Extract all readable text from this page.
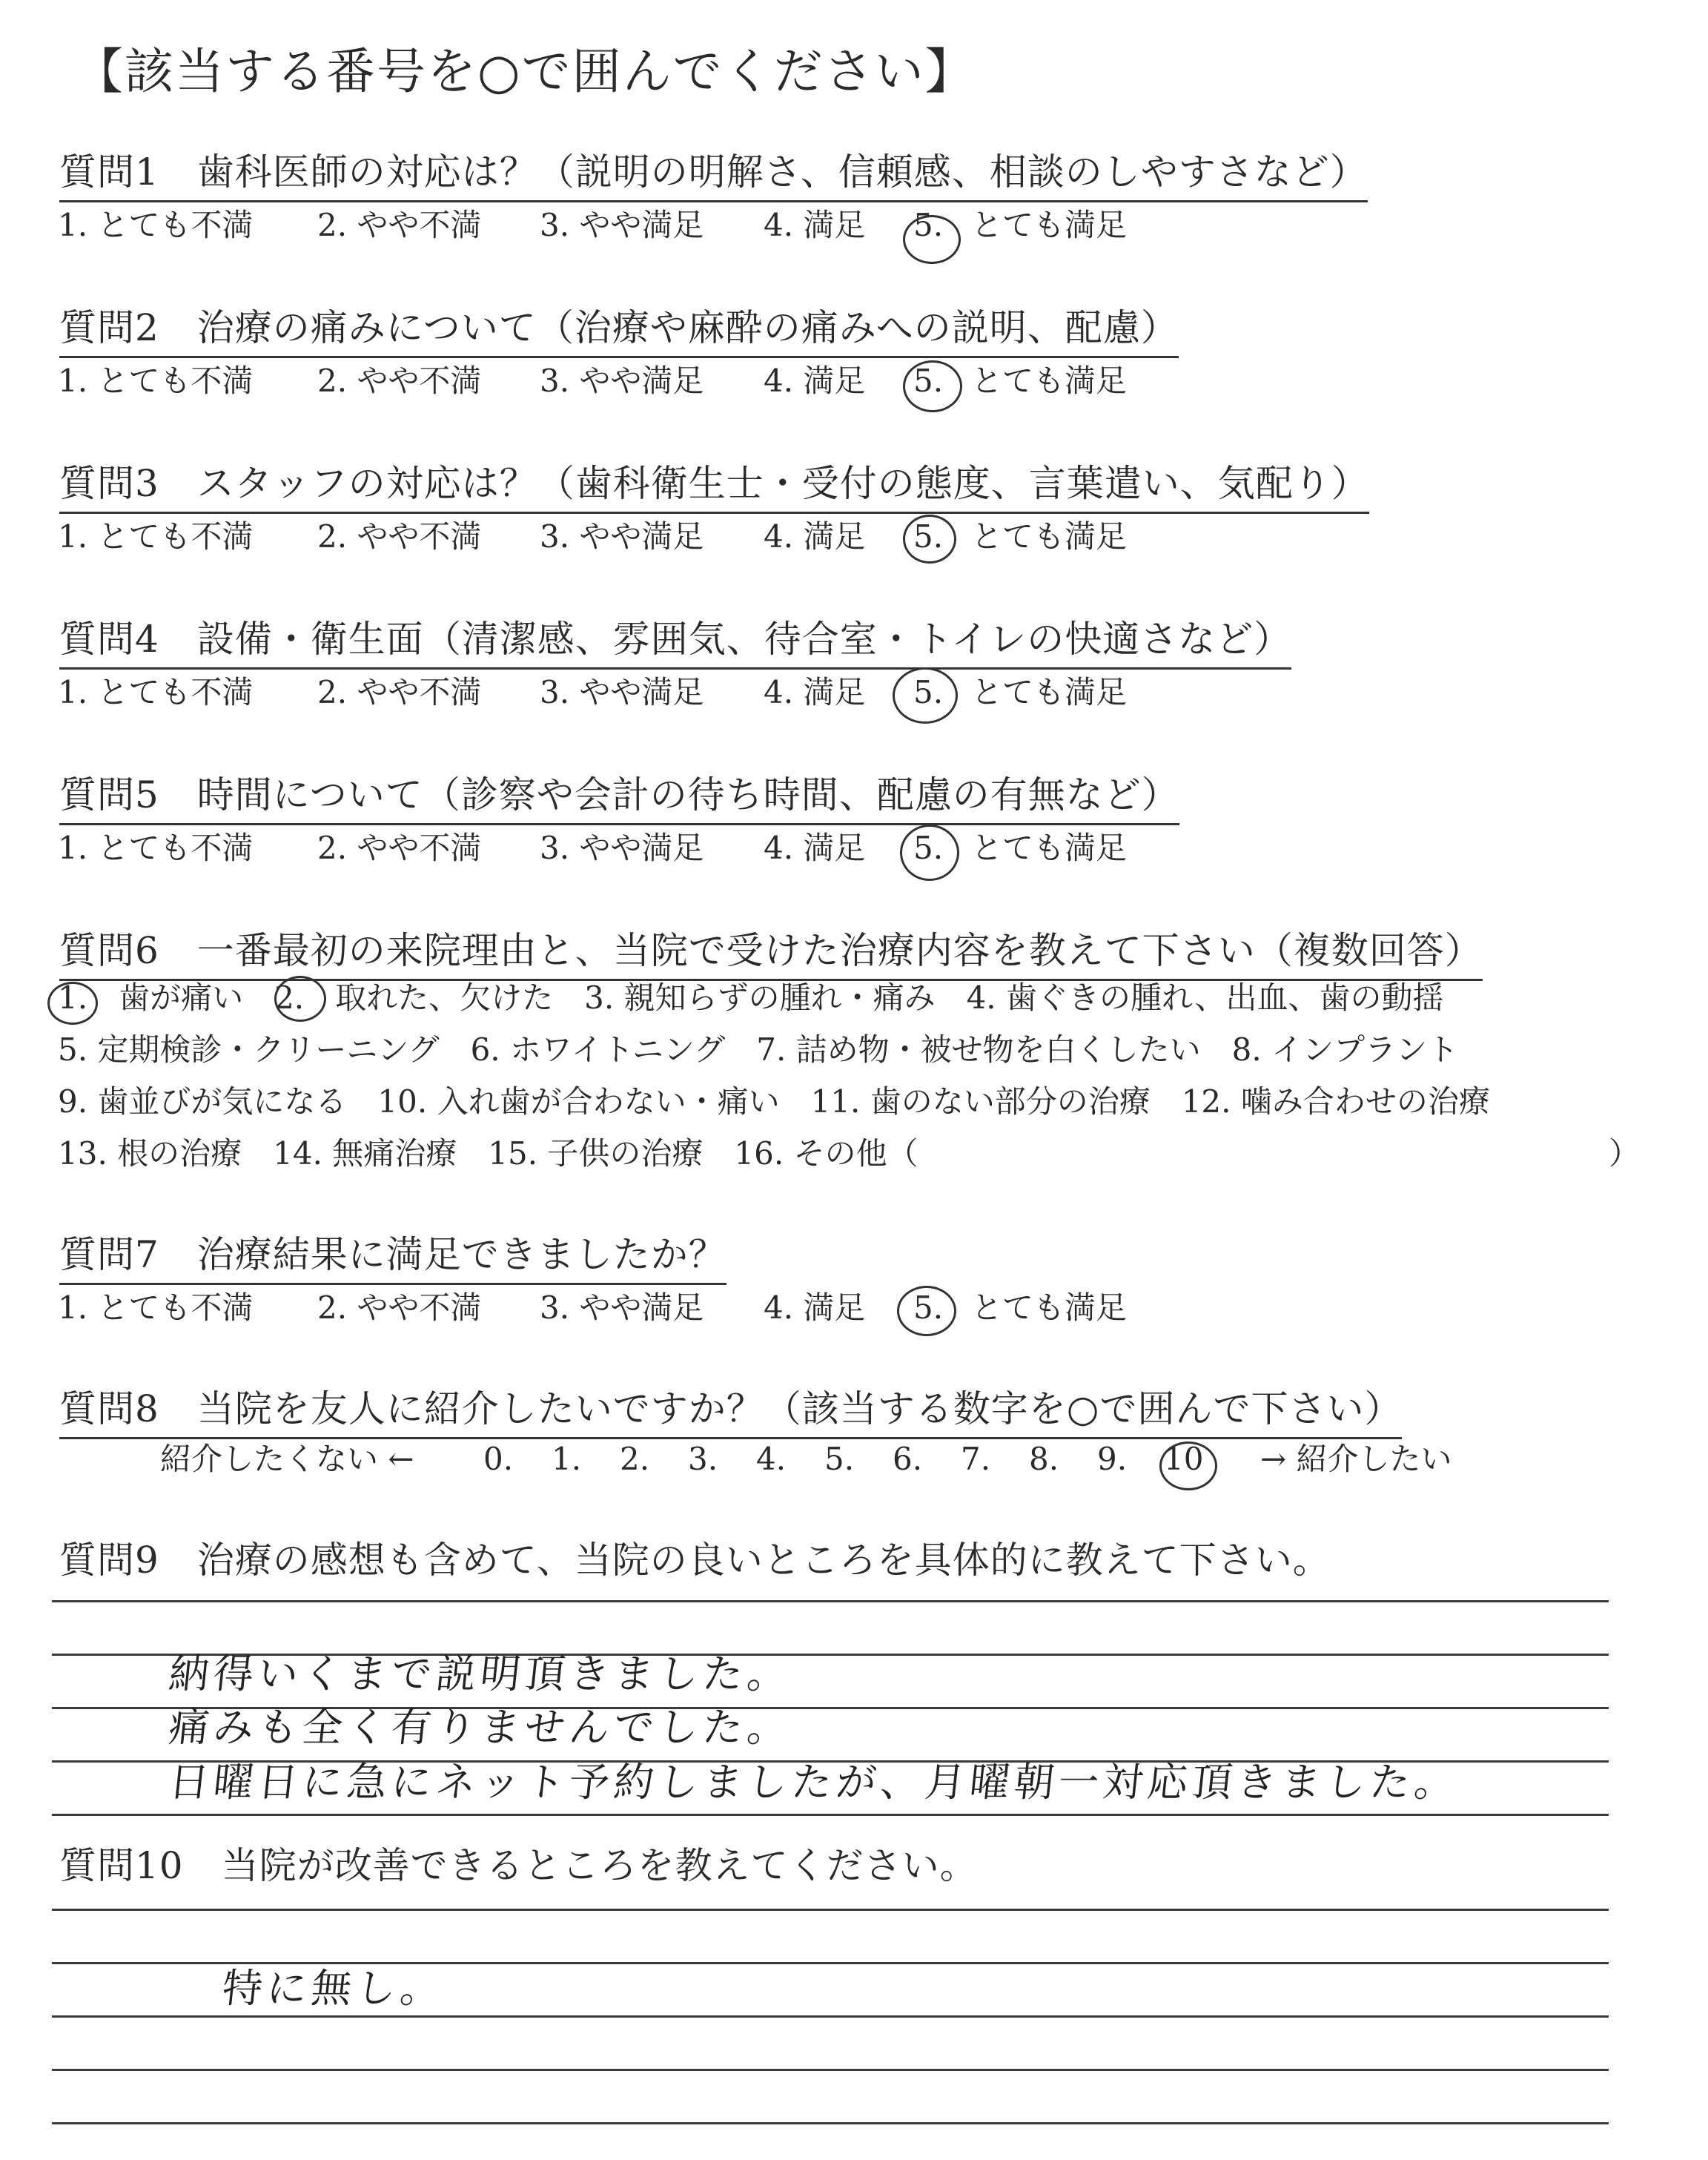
【該当する番号を○で囲んでください】
質問1　歯科医師の対応は？（説明の明解さ、信頼感、相談のしやすさなど）
1. とても不満 2. やや不満 3. やや満足 4. 満足 5. とても満足
質問2　治療の痛みについて（治療や麻酔の痛みへの説明、配慮）
1. とても不満 2. やや不満 3. やや満足 4. 満足 5. とても満足
質問3　スタッフの対応は？（歯科衛生士・受付の態度、言葉遣い、気配り）
1. とても不満 2. やや不満 3. やや満足 4. 満足 5. とても満足
質問4　設備・衛生面（清潔感、雰囲気、待合室・トイレの快適さなど）
1. とても不満 2. やや不満 3. やや満足 4. 満足 5. とても満足
質問5　時間について（診察や会計の待ち時間、配慮の有無など）
1. とても不満 2. やや不満 3. やや満足 4. 満足 5. とても満足
質問6　一番最初の来院理由と、当院で受けた治療内容を教えて下さい（複数回答）
1.　歯が痛い　2.　取れた、欠けた　3. 親知らずの腫れ・痛み　4. 歯ぐきの腫れ、出血、歯の動揺
5. 定期検診・クリーニング　6. ホワイトニング　7. 詰め物・被せ物を白くしたい　8. インプラント
9. 歯並びが気になる　10. 入れ歯が合わない・痛い　11. 歯のない部分の治療　12. 噛み合わせの治療
13. 根の治療　14. 無痛治療　15. 子供の治療　16. その他（	）
質問7　治療結果に満足できましたか？
1. とても不満 2. やや不満 3. やや満足 4. 満足 5. とても満足
質問8　当院を友人に紹介したいですか？（該当する数字を○で囲んで下さい）
紹介したくない ← 0. 1. 2. 3. 4. 5. 6. 7. 8. 9. 10 → 紹介したい
質問9　治療の感想も含めて、当院の良いところを具体的に教えて下さい。
納得いくまで説明頂きました。
痛みも全く有りませんでした。
日曜日に急にネット予約しましたが、月曜朝一対応頂きました。
質問10　当院が改善できるところを教えてください。
特に無し。
